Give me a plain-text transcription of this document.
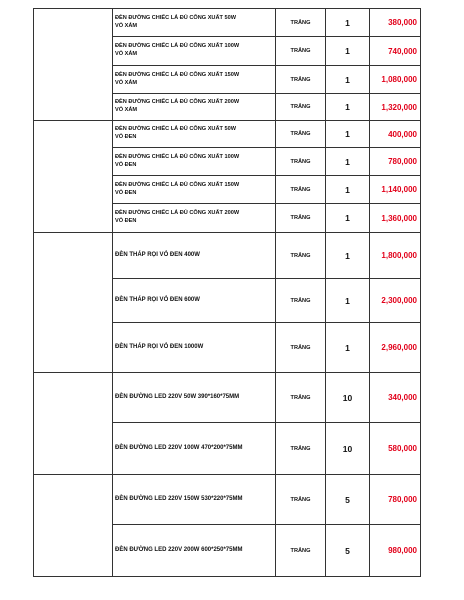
	ĐÈN ĐƯỜNG CHIẾC LÁ ĐỦ CÔNG XUẤT 50W
VỎ XÁM	TRẮNG	1	380,000
	ĐÈN ĐƯỜNG CHIẾC LÁ ĐỦ CÔNG XUẤT 100W
VỎ XÁM	TRẮNG	1	740,000
	ĐÈN ĐƯỜNG CHIẾC LÁ ĐỦ CÔNG XUẤT 150W
VỎ XÁM	TRẮNG	1	1,080,000
	ĐÈN ĐƯỜNG CHIẾC LÁ ĐỦ CÔNG XUẤT 200W
VỎ XÁM	TRẮNG	1	1,320,000

	ĐÈN ĐƯỜNG CHIẾC LÁ ĐỦ CÔNG XUẤT 50W
VỎ ĐEN	TRẮNG	1	400,000
	ĐÈN ĐƯỜNG CHIẾC LÁ ĐỦ CÔNG XUẤT 100W
VỎ ĐEN	TRẮNG	1	780,000
	ĐÈN ĐƯỜNG CHIẾC LÁ ĐỦ CÔNG XUẤT 150W
VỎ ĐEN	TRẮNG	1	1,140,000
	ĐÈN ĐƯỜNG CHIẾC LÁ ĐỦ CÔNG XUẤT 200W
VỎ ĐEN	TRẮNG	1	1,360,000

	ĐÈN THÁP RỌI VỎ ĐEN 400W	TRẮNG	1	1,800,000
	ĐÈN THÁP RỌI VỎ ĐEN 600W	TRẮNG	1	2,300,000
	ĐÈN THÁP RỌI VỎ ĐEN 1000W	TRẮNG	1	2,960,000

	ĐÈN ĐƯỜNG LED 220V 50W 390*160*75MM	TRẮNG	10	340,000
	ĐÈN ĐƯỜNG LED 220V 100W 470*200*75MM	TRẮNG	10	580,000

	ĐÈN ĐƯỜNG LED 220V 150W 530*220*75MM	TRẮNG	5	780,000
	ĐÈN ĐƯỜNG LED 220V 200W 600*250*75MM	TRẮNG	5	980,000
